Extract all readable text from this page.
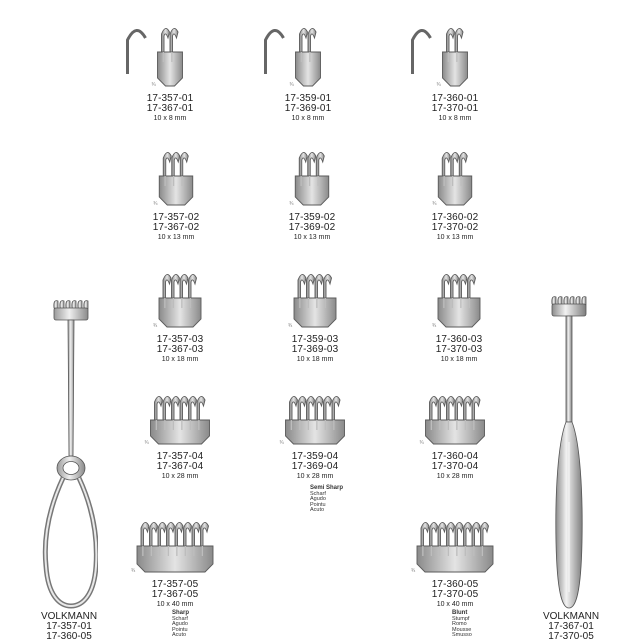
¾
17-357-01
17-367-01
10 x 8 mm
¾
17-359-01
17-369-01
10 x 8 mm
¾
17-360-01
17-370-01
10 x 8 mm
¾
17-357-02
17-367-02
10 x 13 mm
¾
17-359-02
17-369-02
10 x 13 mm
¾
17-360-02
17-370-02
10 x 13 mm
¾
17-357-03
17-367-03
10 x 18 mm
¾
17-359-03
17-369-03
10 x 18 mm
¾
17-360-03
17-370-03
10 x 18 mm
¾
17-357-04
17-367-04
10 x 28 mm
¾
17-359-04
17-369-04
10 x 28 mm
¾
17-360-04
17-370-04
10 x 28 mm
¾
17-357-05
17-367-05
10 x 40 mm
¾
17-360-05
17-370-05
10 x 40 mm
Sharp
Scharf
Agudo
Pointu
Acuto
Semi Sharp
Scharf
Agudo
Pointu
Acuto
Blunt
Stumpf
Romo
Mousse
Smusso
VOLKMANN
17-357-01
17-360-05
VOLKMANN
17-367-01
17-370-05
